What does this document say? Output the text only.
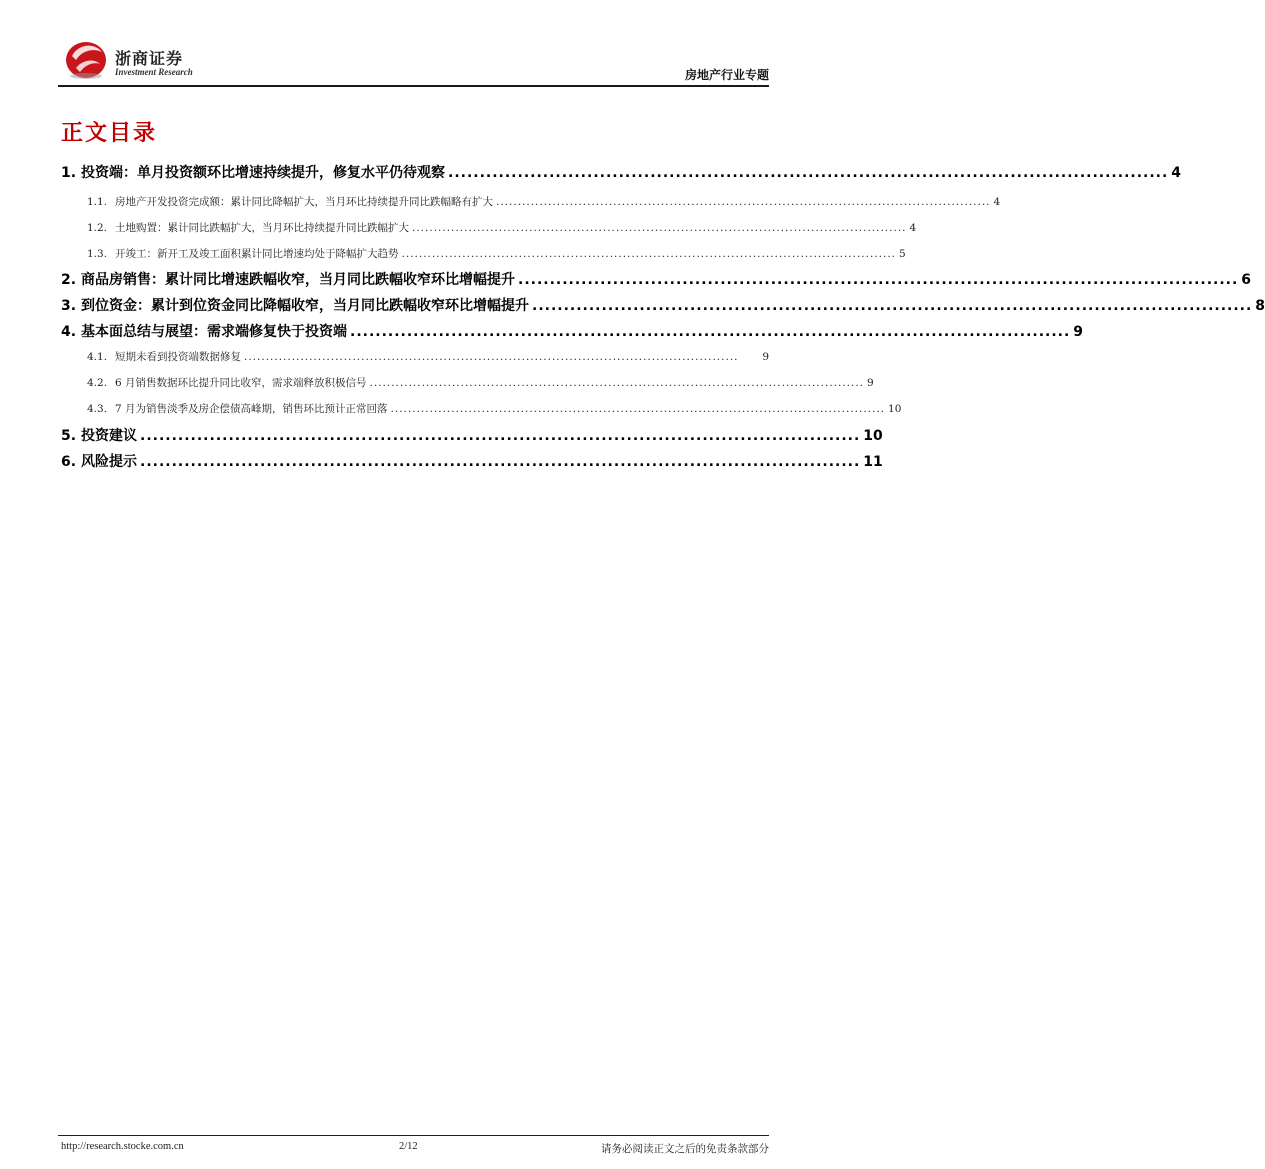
浙商证券
Investment Research	房地产行业专题
正文目录
1. 投资端：单月投资额环比增速持续提升，修复水平仍待观察 .................................................................................................................. 4
1.1. 房地产开发投资完成额：累计同比降幅扩大，当月环比持续提升同比跌幅略有扩大 .................................................................................................................. 4
1.2. 土地购置：累计同比跌幅扩大，当月环比持续提升同比跌幅扩大 .................................................................................................................. 4
1.3. 开竣工：新开工及竣工面积累计同比增速均处于降幅扩大趋势 .................................................................................................................. 5
2. 商品房销售：累计同比增速跌幅收窄，当月同比跌幅收窄环比增幅提升 .................................................................................................................. 6
3. 到位资金：累计到位资金同比降幅收窄，当月同比跌幅收窄环比增幅提升 .................................................................................................................. 8
4. 基本面总结与展望：需求端修复快于投资端 .................................................................................................................. 9
4.1. 短期未看到投资端数据修复 ..................................................................................................................	9
4.2. 6 月销售数据环比提升同比收窄，需求端释放积极信号 .................................................................................................................. 9
4.3. 7 月为销售淡季及房企偿债高峰期，销售环比预计正常回落 .................................................................................................................. 10
5. 投资建议 .................................................................................................................. 10
6. 风险提示 .................................................................................................................. 11
http://research.stocke.com.cn	2/12	请务必阅读正文之后的免责条款部分
